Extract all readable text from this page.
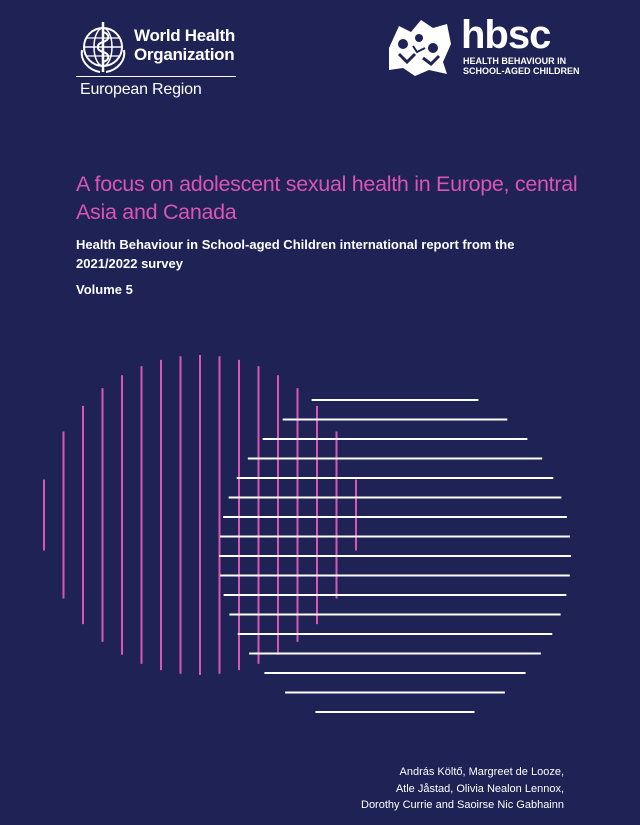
World Health
Organization
European Region
hbsc
HEALTH BEHAVIOUR IN
SCHOOL-AGED CHILDREN
A focus on adolescent sexual health in Europe, central Asia and Canada

Health Behaviour in School-aged Children international report from the 2021/2022 survey

Volume 5
András Költő, Margreet de Looze,
Atle Jåstad, Olivia Nealon Lennox,
Dorothy Currie and Saoirse Nic Gabhainn
